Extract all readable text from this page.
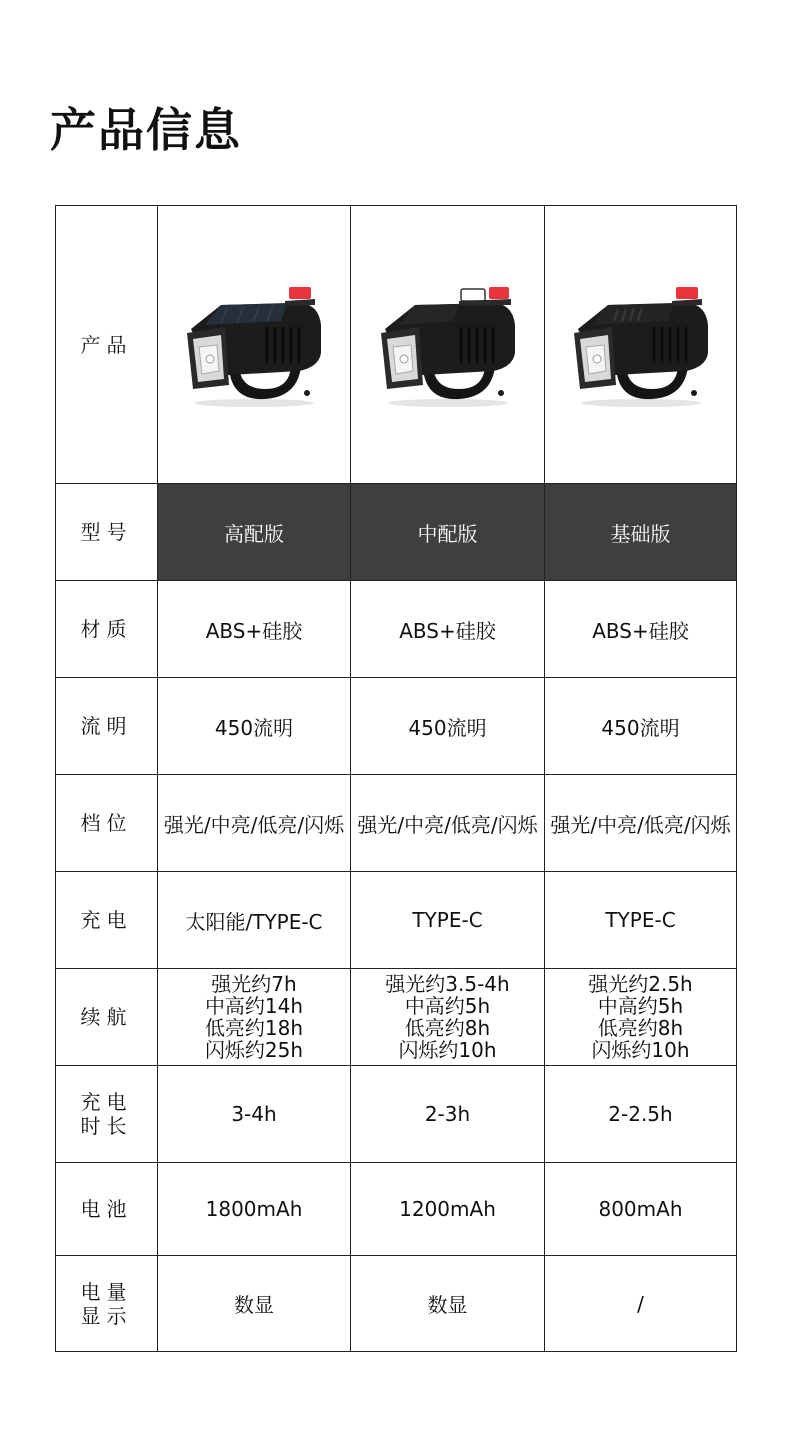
产品信息
产品	

型号	高配版	中配版	基础版
材质	ABS+硅胶	ABS+硅胶	ABS+硅胶
流明	450流明	450流明	450流明
档位	强光/中亮/低亮/闪烁	强光/中亮/低亮/闪烁	强光/中亮/低亮/闪烁
充电	太阳能/TYPE-C	TYPE-C	TYPE-C
续航	强光约7h
中高约14h
低亮约18h
闪烁约25h	强光约3.5-4h
中高约5h
低亮约8h
闪烁约10h	强光约2.5h
中高约5h
低亮约8h
闪烁约10h

充电
时长	3-4h	2-3h	2-2.5h
电池	1800mAh	1200mAh	800mAh

电量
显示	数显	数显	/
